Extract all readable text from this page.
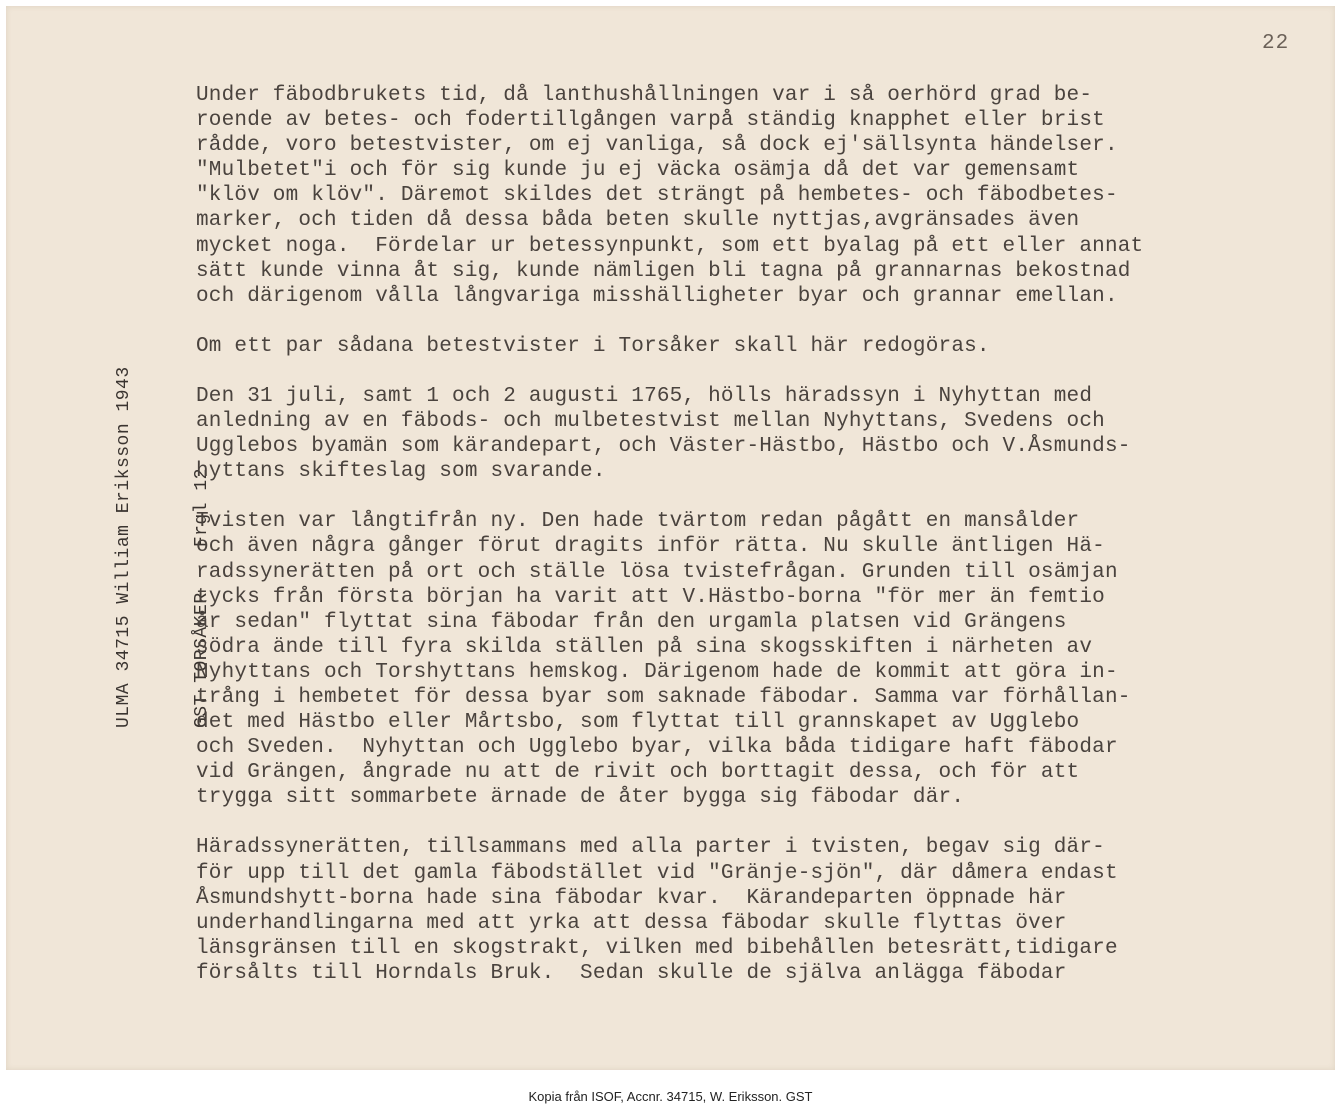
22

ULMA 34715 William Eriksson 1943

	GST TORSÅKER    Frgl 12

Under fäbodbrukets tid, då lanthushållningen var i så oerhörd grad be-
roende av betes- och fodertillgången varpå ständig knapphet eller brist
rådde, voro betestvister, om ej vanliga, så dock ej'sällsynta händelser.
"Mulbetet"i och för sig kunde ju ej väcka osämja då det var gemensamt
"klöv om klöv". Däremot skildes det strängt på hembetes- och fäbodbetes-
marker, och tiden då dessa båda beten skulle nyttjas,avgränsades även
mycket noga.  Fördelar ur betessynpunkt, som ett byalag på ett eller annat
sätt kunde vinna åt sig, kunde nämligen bli tagna på grannarnas bekostnad
och därigenom vålla långvariga misshälligheter byar och grannar emellan.
Om ett par sådana betestvister i Torsåker skall här redogöras.
Den 31 juli, samt 1 och 2 augusti 1765, hölls häradssyn i Nyhyttan med
anledning av en fäbods- och mulbetestvist mellan Nyhyttans, Svedens och
Ugglebos byamän som kärandepart, och Väster-Hästbo, Hästbo och V.Åsmunds-
hyttans skifteslag som svarande.
Tvisten var långtifrån ny. Den hade tvärtom redan pågått en mansålder
och även några gånger förut dragits inför rätta. Nu skulle äntligen Hä-
radssynerätten på ort och ställe lösa tvistefrågan. Grunden till osämjan
tycks från första början ha varit att V.Hästbo-borna "för mer än femtio
år sedan" flyttat sina fäbodar från den urgamla platsen vid Grängens
södra ände till fyra skilda ställen på sina skogsskiften i närheten av
Nyhyttans och Torshyttans hemskog. Därigenom hade de kommit att göra in-
trång i hembetet för dessa byar som saknade fäbodar. Samma var förhållan-
det med Hästbo eller Mårtsbo, som flyttat till grannskapet av Ugglebo
och Sveden.  Nyhyttan och Ugglebo byar, vilka båda tidigare haft fäbodar
vid Grängen, ångrade nu att de rivit och borttagit dessa, och för att
trygga sitt sommarbete ärnade de åter bygga sig fäbodar där.
Häradssynerätten, tillsammans med alla parter i tvisten, begav sig där-
för upp till det gamla fäbodstället vid "Gränje-sjön", där dåmera endast
Åsmundshytt-borna hade sina fäbodar kvar.  Kärandeparten öppnade här
underhandlingarna med att yrka att dessa fäbodar skulle flyttas över
länsgränsen till en skogstrakt, vilken med bibehållen betesrätt,tidigare
försålts till Horndals Bruk.  Sedan skulle de själva anlägga fäbodar
Kopia från ISOF, Accnr. 34715, W. Eriksson. GST
